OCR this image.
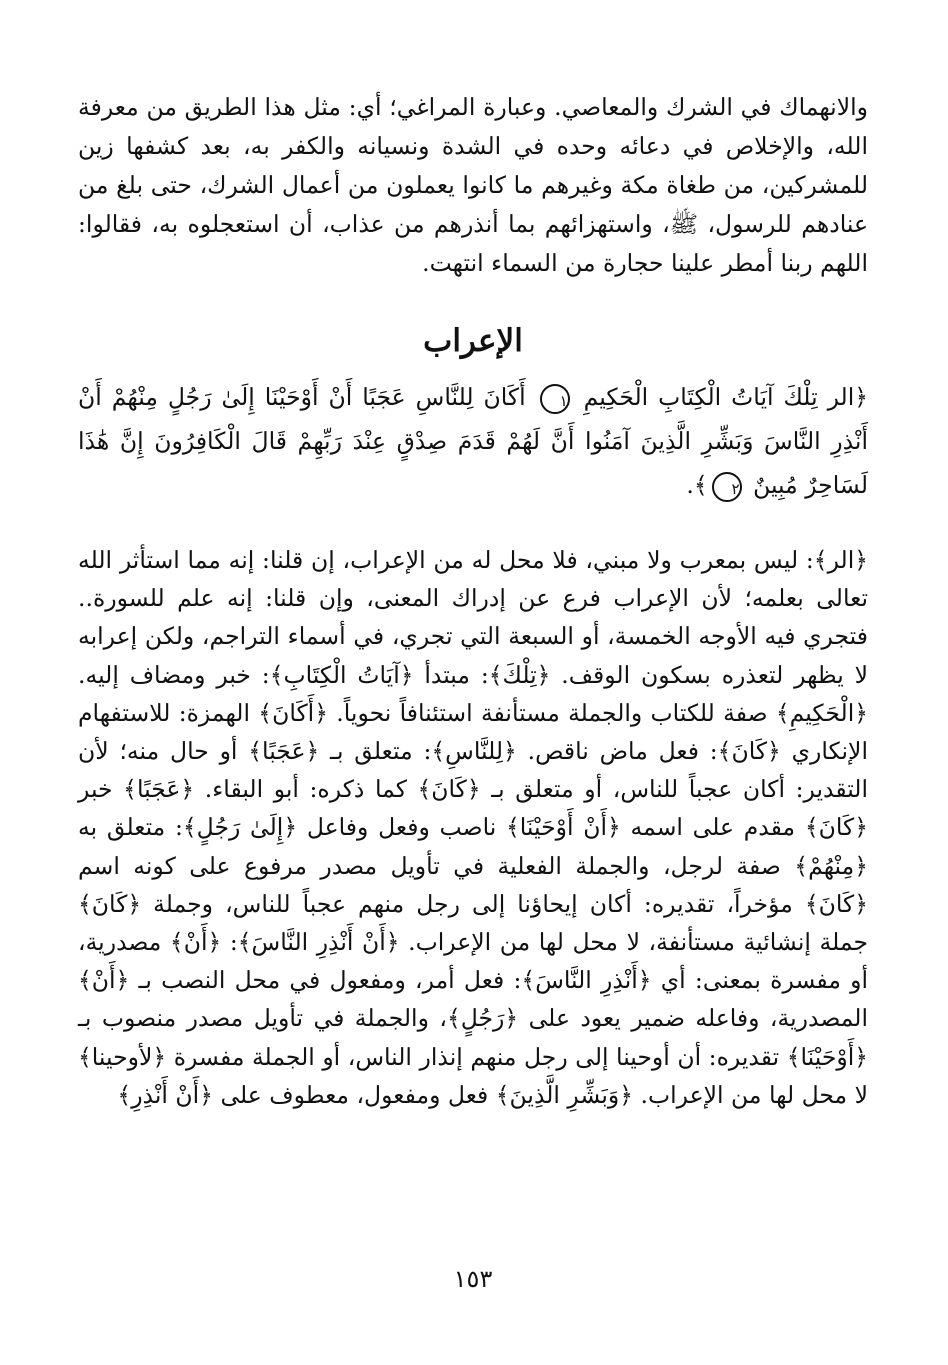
والانهماك في الشرك والمعاصي. وعبارة المراغي؛ أي: مثل هذا الطريق من معرفة الله، والإخلاص في دعائه وحده في الشدة ونسيانه والكفر به، بعد كشفها زين للمشركين، من طغاة مكة وغيرهم ما كانوا يعملون من أعمال الشرك، حتى بلغ من عنادهم للرسول، ﷺ، واستهزائهم بما أنذرهم من عذاب، أن استعجلوه به، فقالوا: اللهم ربنا أمطر علينا حجارة من السماء انتهت.

الإعراب

﴿الر تِلْكَ آيَاتُ الْكِتَابِ الْحَكِيمِ ١ أَكَانَ لِلنَّاسِ عَجَبًا أَنْ أَوْحَيْنَا إِلَىٰ رَجُلٍ مِنْهُمْ أَنْ أَنْذِرِ النَّاسَ وَبَشِّرِ الَّذِينَ آمَنُوا أَنَّ لَهُمْ قَدَمَ صِدْقٍ عِنْدَ رَبِّهِمْ قَالَ الْكَافِرُونَ إِنَّ هَٰذَا لَسَاحِرٌ مُبِينٌ ٢﴾.

﴿الر﴾: ليس بمعرب ولا مبني، فلا محل له من الإعراب، إن قلنا: إنه مما استأثر الله تعالى بعلمه؛ لأن الإعراب فرع عن إدراك المعنى، وإن قلنا: إنه علم للسورة.. فتجري فيه الأوجه الخمسة، أو السبعة التي تجري، في أسماء التراجم، ولكن إعرابه لا يظهر لتعذره بسكون الوقف. ﴿تِلْكَ﴾: مبتدأ ﴿آيَاتُ الْكِتَابِ﴾: خبر ومضاف إليه. ﴿الْحَكِيمِ﴾ صفة للكتاب والجملة مستأنفة استئنافاً نحوياً. ﴿أَكَانَ﴾ الهمزة: للاستفهام الإنكاري ﴿كَانَ﴾: فعل ماض ناقص. ﴿لِلنَّاسِ﴾: متعلق بـ ﴿عَجَبًا﴾ أو حال منه؛ لأن التقدير: أكان عجباً للناس، أو متعلق بـ ﴿كَانَ﴾ كما ذكره: أبو البقاء. ﴿عَجَبًا﴾ خبر ﴿كَانَ﴾ مقدم على اسمه ﴿أَنْ أَوْحَيْنَا﴾ ناصب وفعل وفاعل ﴿إِلَىٰ رَجُلٍ﴾: متعلق به ﴿مِنْهُمْ﴾ صفة لرجل، والجملة الفعلية في تأويل مصدر مرفوع على كونه اسم ﴿كَانَ﴾ مؤخراً، تقديره: أكان إيحاؤنا إلى رجل منهم عجباً للناس، وجملة ﴿كَانَ﴾ جملة إنشائية مستأنفة، لا محل لها من الإعراب. ﴿أَنْ أَنْذِرِ النَّاسَ﴾: ﴿أَنْ﴾ مصدرية، أو مفسرة بمعنى: أي ﴿أَنْذِرِ النَّاسَ﴾: فعل أمر، ومفعول في محل النصب بـ ﴿أَنْ﴾ المصدرية، وفاعله ضمير يعود على ﴿رَجُلٍ﴾، والجملة في تأويل مصدر منصوب بـ ﴿أَوْحَيْنَا﴾ تقديره: أن أوحينا إلى رجل منهم إنذار الناس، أو الجملة مفسرة ﴿لأوحينا﴾ لا محل لها من الإعراب. ﴿وَبَشِّرِ الَّذِينَ﴾ فعل ومفعول، معطوف على ﴿أَنْ أَنْذِرِ﴾

١٥٣
